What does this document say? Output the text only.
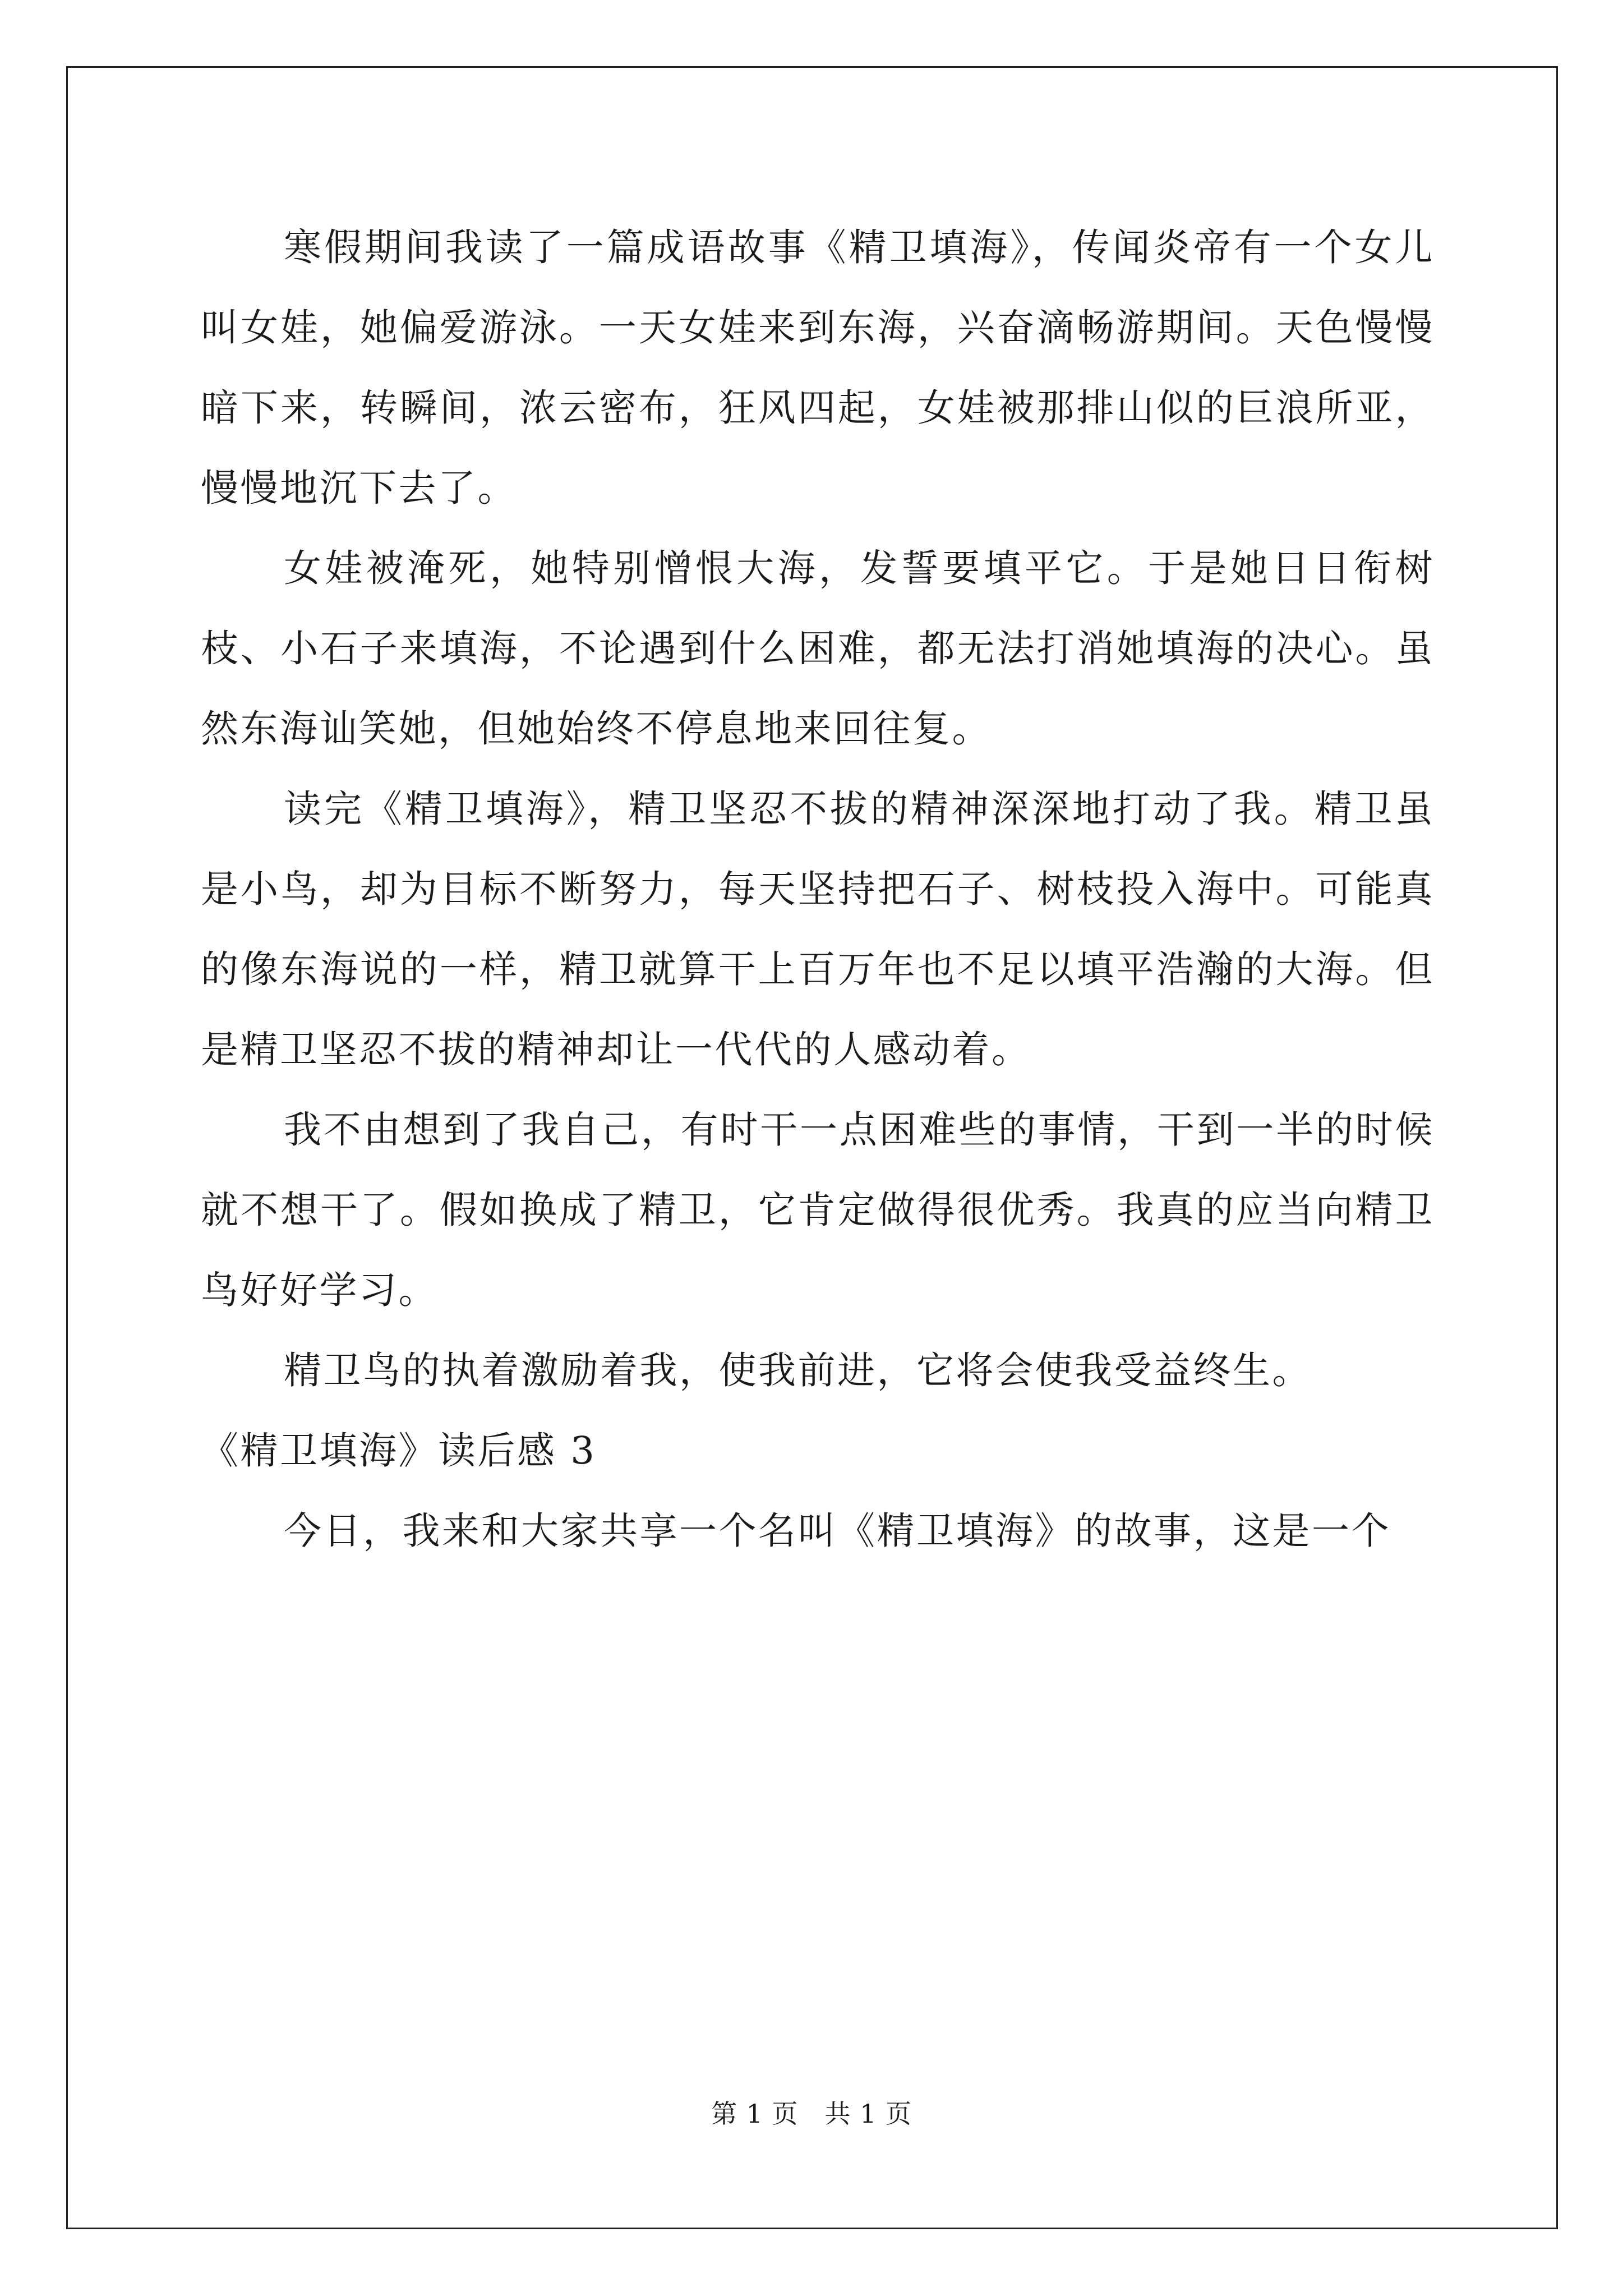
寒假期间我读了一篇成语故事《精卫填海》，传闻炎帝有一个女儿叫女娃，她偏爱游泳。一天女娃来到东海，兴奋滴畅游期间。天色慢慢暗下来，转瞬间，浓云密布，狂风四起，女娃被那排山似的巨浪所亚，慢慢地沉下去了。

女娃被淹死，她特别憎恨大海，发誓要填平它。于是她日日衔树枝、小石子来填海，不论遇到什么困难，都无法打消她填海的决心。虽然东海讪笑她，但她始终不停息地来回往复。

读完《精卫填海》，精卫坚忍不拔的精神深深地打动了我。精卫虽是小鸟，却为目标不断努力，每天坚持把石子、树枝投入海中。可能真的像东海说的一样，精卫就算干上百万年也不足以填平浩瀚的大海。但是精卫坚忍不拔的精神却让一代代的人感动着。

我不由想到了我自己，有时干一点困难些的事情，干到一半的时候就不想干了。假如换成了精卫，它肯定做得很优秀。我真的应当向精卫鸟好好学习。

精卫鸟的执着激励着我，使我前进，它将会使我受益终生。

《精卫填海》读后感 3

今日，我来和大家共享一个名叫《精卫填海》的故事，这是一个

第 1 页　共 1 页
